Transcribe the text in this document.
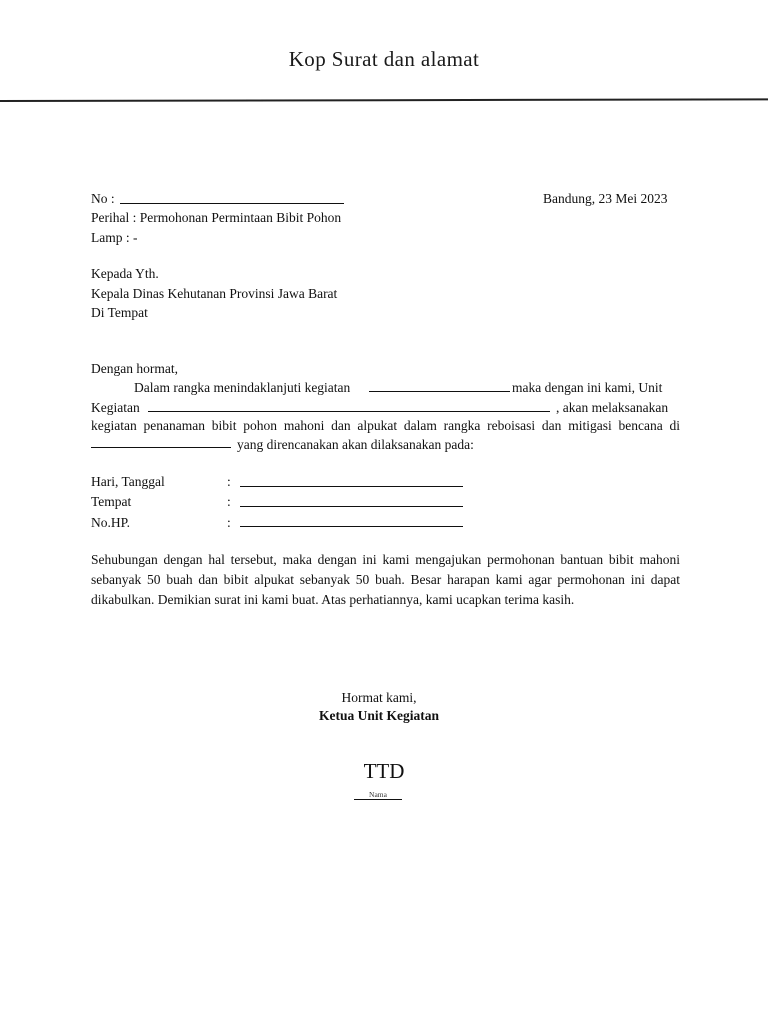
Kop Surat dan alamat
No :	Bandung, 23 Mei 2023
Perihal : Permohonan Permintaan Bibit Pohon
Lamp : -
Kepada Yth.
Kepala Dinas Kehutanan Provinsi Jawa Barat
Di Tempat
Dengan hormat,
Dalam rangka menindaklanjuti kegiatan	maka dengan ini kami, Unit
Kegiatan	, akan melaksanakan
kegiatan penanaman bibit pohon mahoni dan alpukat dalam rangka reboisasi dan mitigasi bencana di
yang direncanakan akan dilaksanakan pada:
Hari, Tanggal	:
Tempat	:
No.HP.	:
Sehubungan dengan hal tersebut, maka dengan ini kami mengajukan permohonan bantuan bibit mahoni
sebanyak 50 buah dan bibit alpukat sebanyak 50 buah. Besar harapan kami agar permohonan ini dapat
dikabulkan. Demikian surat ini kami buat. Atas perhatiannya, kami ucapkan terima kasih.
Hormat kami,
Ketua Unit Kegiatan
TTD
Nama
